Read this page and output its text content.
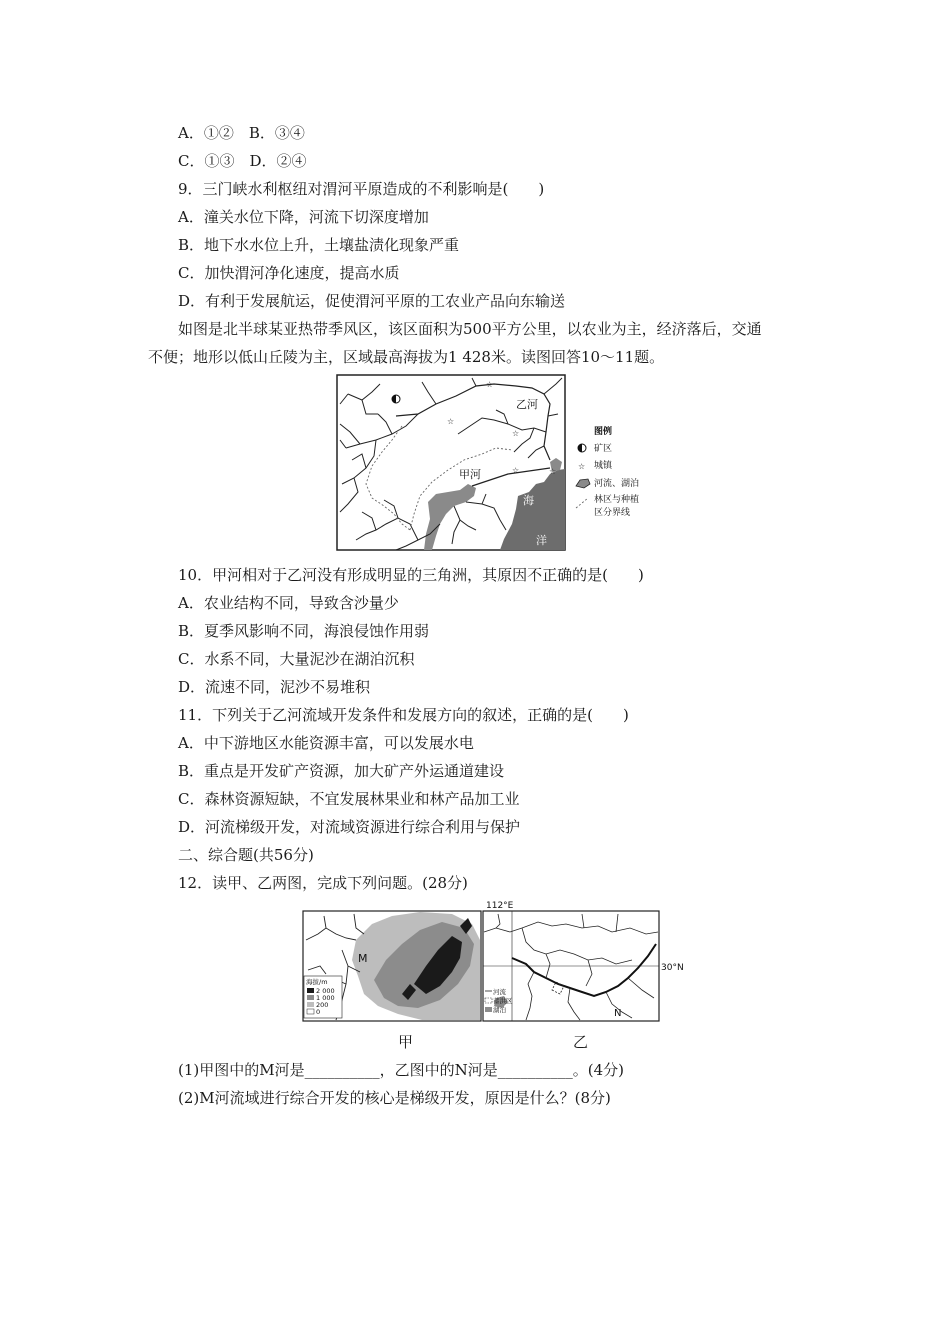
A．①②　B．③④
C．①③　D．②④
9．三门峡水利枢纽对渭河平原造成的不利影响是(　　)
A．潼关水位下降，河流下切深度增加
B．地下水水位上升，土壤盐渍化现象严重
C．加快渭河净化速度，提高水质
D．有利于发展航运，促使渭河平原的工农业产品向东输送
如图是北半球某亚热带季风区，该区面积为500平方公里，以农业为主，经济落后，交通
不便；地形以低山丘陵为主，区域最高海拔为1 428米。读图回答10～11题。
☆
☆
☆
☆	☆
乙河
甲河
海
洋
图例
矿区
☆ 城镇
河流、湖泊
林区与种植
区分界线
10．甲河相对于乙河没有形成明显的三角洲，其原因不正确的是(　　)
A．农业结构不同，导致含沙量少
B．夏季风影响不同，海浪侵蚀作用弱
C．水系不同，大量泥沙在湖泊沉积
D．流速不同，泥沙不易堆积
11．下列关于乙河流域开发条件和发展方向的叙述，正确的是(　　)
A．中下游地区水能资源丰富，可以发展水电
B．重点是开发矿产资源，加大矿产外运通道建设
C．森林资源短缺，不宜发展林果业和林产品加工业
D．河流梯级开发，对流域资源进行综合利用与保护
二、综合题(共56分)
12．读甲、乙两图，完成下列问题。(28分)
M
海拔/m
2 000
1 000
200
0
112°E
30°N
N
河流
蓄洪区
湖泊
甲	乙
(1)甲图中的M河是__________，乙图中的N河是__________。(4分)
(2)M河流域进行综合开发的核心是梯级开发，原因是什么？(8分)
